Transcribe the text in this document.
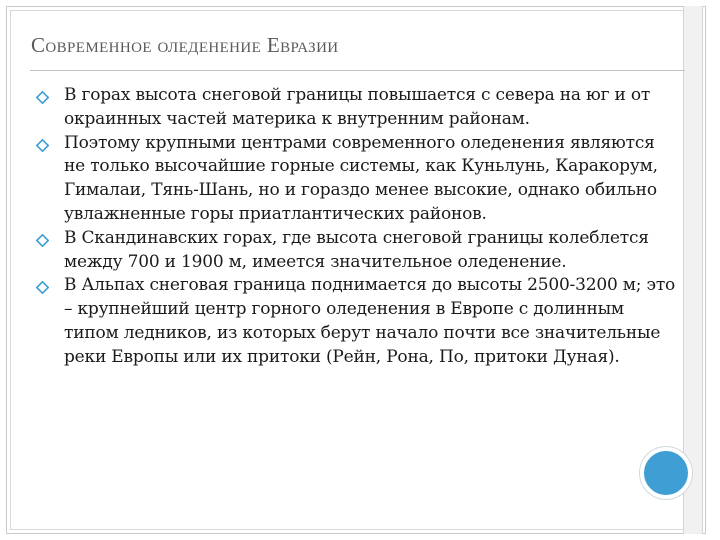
Современное оледенение Евразии
В горах высота снеговой границы повышается с севера на юг и от окраинных частей материка к внутренним районам.
Поэтому крупными центрами современного оледенения являются не только высочайшие горные системы, как Куньлунь, Каракорум, Гималаи, Тянь-Шань, но и гораздо менее высокие, однако обильно увлажненные горы приатлантических районов.
В Скандинавских горах, где высота снеговой границы колеблется между 700 и 1900 м, имеется значительное оледенение.
В Альпах снеговая граница поднимается до высоты 2500-3200 м; это – крупнейший центр горного оледенения в Европе с долинным типом ледников, из которых берут начало почти все значительные реки Европы или их притоки (Рейн, Рона, По, притоки Дуная).
